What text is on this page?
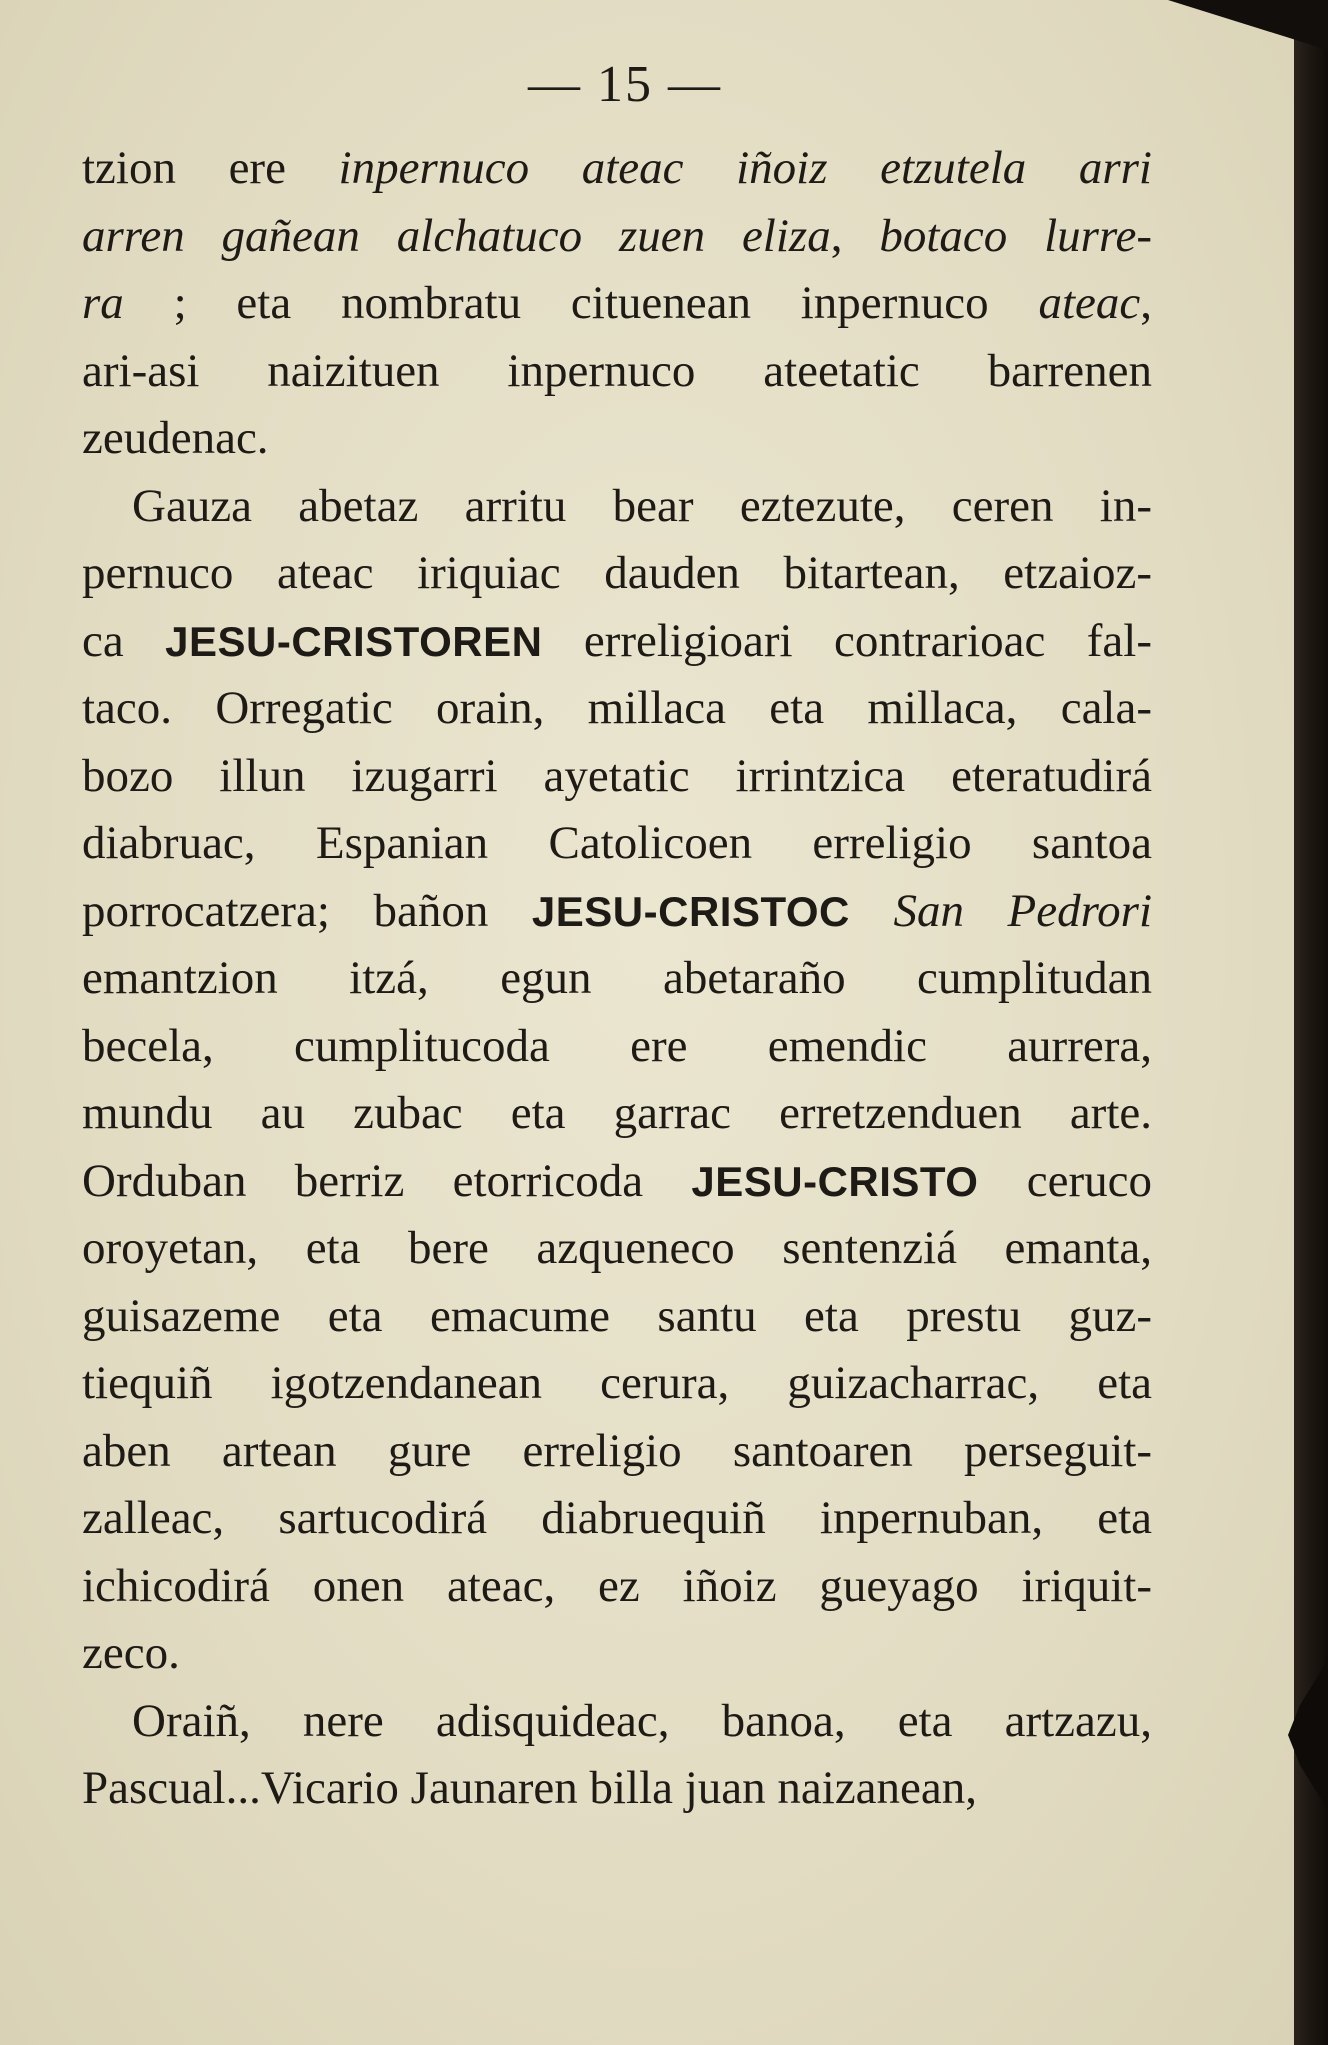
— 15 —
tzion ere inpernuco ateac iñoiz etzutela arri
arren gañean alchatuco zuen eliza, botaco lurre-
ra ; eta nombratu cituenean inpernuco ateac,
ari-asi naizituen inpernuco ateetatic barrenen
zeudenac.
Gauza abetaz arritu bear eztezute, ceren in-
pernuco ateac iriquiac dauden bitartean, etzaioz-
ca JESU-CRISTOREN erreligioari contrarioac fal-
taco. Orregatic orain, millaca eta millaca, cala-
bozo illun izugarri ayetatic irrintzica eteratudirá
diabruac, Espanian Catolicoen erreligio santoa
porrocatzera; bañon JESU-CRISTOC San Pedrori
emantzion itzá, egun abetaraño cumplitudan
becela, cumplitucoda ere emendic aurrera,
mundu au zubac eta garrac erretzenduen arte.
Orduban berriz etorricoda JESU-CRISTO ceruco
oroyetan, eta bere azqueneco sentenziá emanta,
guisazeme eta emacume santu eta prestu guz-
tiequiñ igotzendanean cerura, guizacharrac, eta
aben artean gure erreligio santoaren perseguit-
zalleac, sartucodirá diabruequiñ inpernuban, eta
ichicodirá onen ateac, ez iñoiz gueyago iriquit-
zeco.
Oraiñ, nere adisquideac, banoa, eta artzazu,
Pascual...Vicario Jaunaren billa juan naizanean,
